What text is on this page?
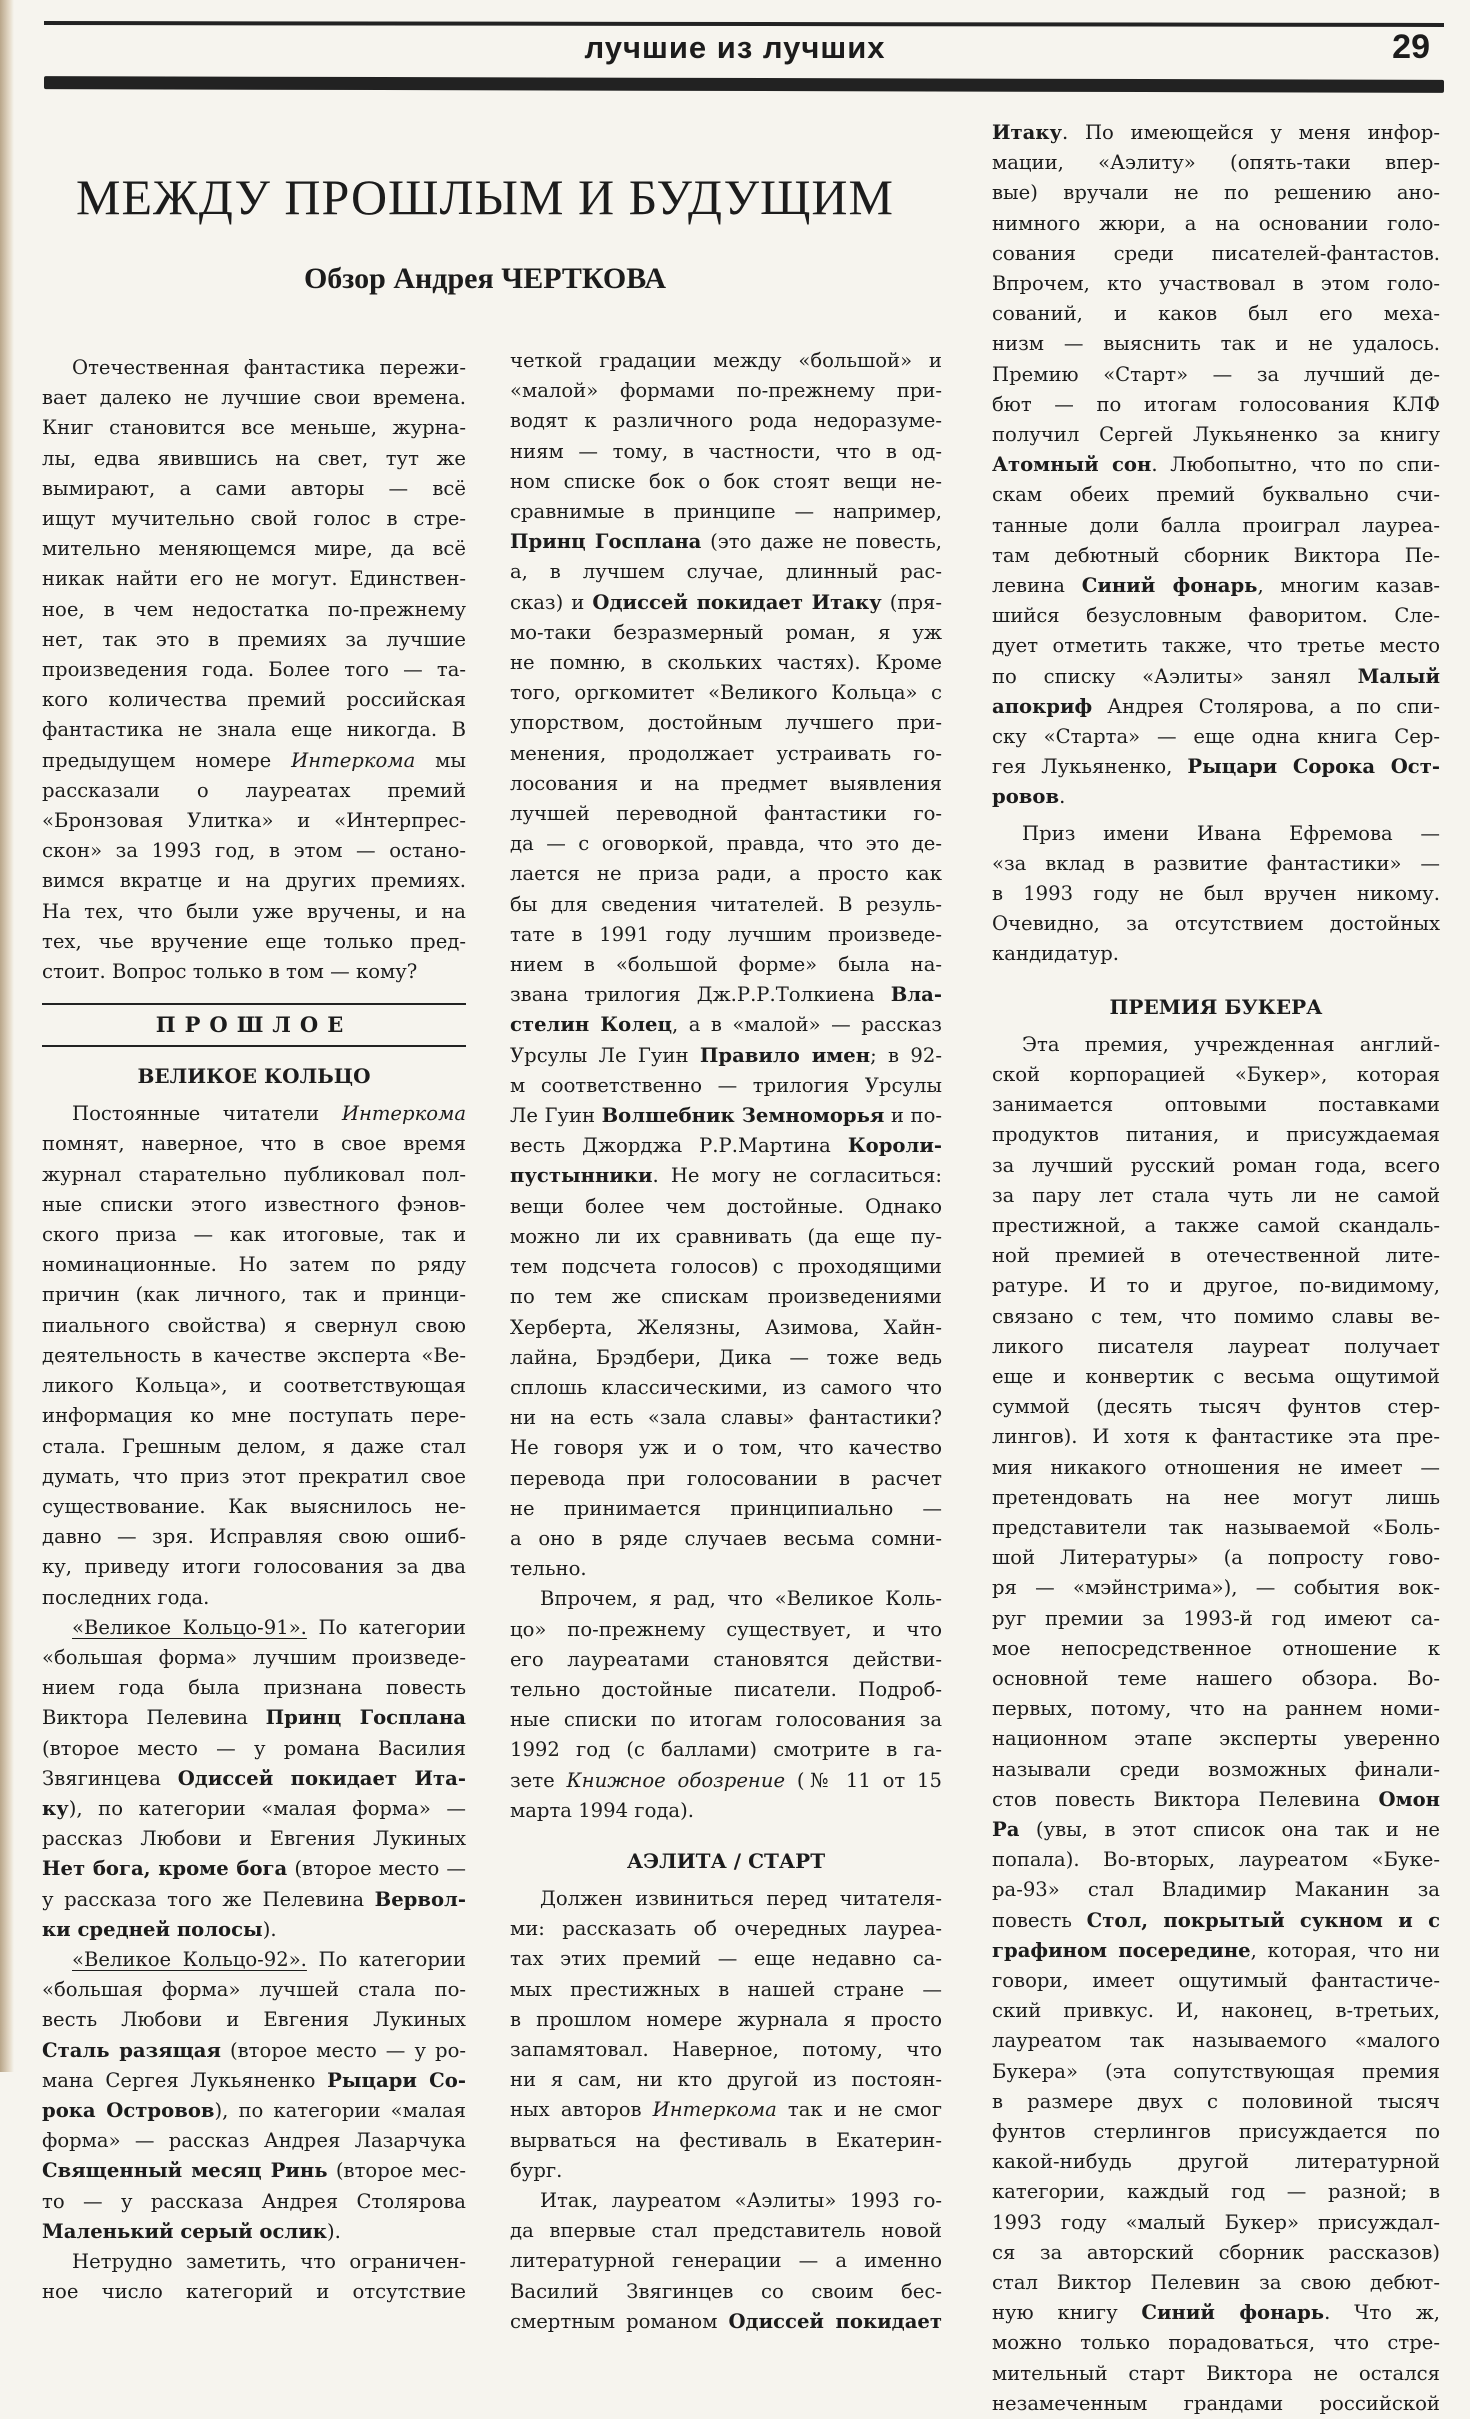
лучшие из лучших	29
МЕЖДУ ПРОШЛЫМ И БУДУЩИМ
Обзор Андрея ЧЕРТКОВА

Отечественная фантастика пережи-
вает далеко не лучшие свои времена.
Книг становится все меньше, журна-
лы, едва явившись на свет, тут же
вымирают, а сами авторы — всё
ищут мучительно свой голос в стре-
мительно меняющемся мире, да всё
никак найти его не могут. Единствен-
ное, в чем недостатка по-прежнему
нет, так это в премиях за лучшие
произведения года. Более того — та-
кого количества премий российская
фантастика не знала еще никогда. В
предыдущем номере Интеркома мы
рассказали о лауреатах премий
«Бронзовая Улитка» и «Интерпрес-
скон» за 1993 год, в этом — остано-
вимся вкратце и на других премиях.
На тех, что были уже вручены, и на
тех, чье вручение еще только пред-
стоит. Вопрос только в том — кому?

ПРОШЛОЕ
ВЕЛИКОЕ КОЛЬЦО

Постоянные читатели Интеркома
помнят, наверное, что в свое время
журнал старательно публиковал пол-
ные списки этого известного фэнов-
ского приза — как итоговые, так и
номинационные. Но затем по ряду
причин (как личного, так и принци-
пиального свойства) я свернул свою
деятельность в качестве эксперта «Ве-
ликого Кольца», и соответствующая
информация ко мне поступать пере-
стала. Грешным делом, я даже стал
думать, что приз этот прекратил свое
существование. Как выяснилось не-
давно — зря. Исправляя свою ошиб-
ку, приведу итоги голосования за два
последних года.

«Великое Кольцо-91». По категории
«большая форма» лучшим произведе-
нием года была признана повесть
Виктора Пелевина Принц Госплана
(второе место — у романа Василия
Звягинцева Одиссей покидает Ита-
ку), по категории «малая форма» —
рассказ Любови и Евгения Лукиных
Нет бога, кроме бога (второе место —
у рассказа того же Пелевина Вервол-
ки средней полосы).

«Великое Кольцо-92». По категории
«большая форма» лучшей стала по-
весть Любови и Евгения Лукиных
Сталь разящая (второе место — у ро-
мана Сергея Лукьяненко Рыцари Со-
рока Островов), по категории «малая
форма» — рассказ Андрея Лазарчука
Священный месяц Ринь (второе мес-
то — у рассказа Андрея Столярова
Маленький серый ослик).

Нетрудно заметить, что ограничен-
ное число категорий и отсутствие

четкой градации между «большой» и
«малой» формами по-прежнему при-
водят к различного рода недоразуме-
ниям — тому, в частности, что в од-
ном списке бок о бок стоят вещи не-
сравнимые в принципе — например,
Принц Госплана (это даже не повесть,
а, в лучшем случае, длинный рас-
сказ) и Одиссей покидает Итаку (пря-
мо-таки безразмерный роман, я уж
не помню, в скольких частях). Кроме
того, оргкомитет «Великого Кольца» с
упорством, достойным лучшего при-
менения, продолжает устраивать го-
лосования и на предмет выявления
лучшей переводной фантастики го-
да — с оговоркой, правда, что это де-
лается не приза ради, а просто как
бы для сведения читателей. В резуль-
тате в 1991 году лучшим произведе-
нием в «большой форме» была на-
звана трилогия Дж.Р.Р.Толкиена Вла-
стелин Колец, а в «малой» — рассказ
Урсулы Ле Гуин Правило имен; в 92-
м соответственно — трилогия Урсулы
Ле Гуин Волшебник Земноморья и по-
весть Джорджа Р.Р.Мартина Короли-
пустынники. Не могу не согласиться:
вещи более чем достойные. Однако
можно ли их сравнивать (да еще пу-
тем подсчета голосов) с проходящими
по тем же спискам произведениями
Херберта, Желязны, Азимова, Хайн-
лайна, Брэдбери, Дика — тоже ведь
сплошь классическими, из самого что
ни на есть «зала славы» фантастики?
Не говоря уж и о том, что качество
перевода при голосовании в расчет
не принимается принципиально —
а оно в ряде случаев весьма сомни-
тельно.

Впрочем, я рад, что «Великое Коль-
цо» по-прежнему существует, и что
его лауреатами становятся действи-
тельно достойные писатели. Подроб-
ные списки по итогам голосования за
1992 год (с баллами) смотрите в га-
зете Книжное обозрение (№ 11 от 15
марта 1994 года).

АЭЛИТА / СТАРТ

Должен извиниться перед читателя-
ми: рассказать об очередных лауреа-
тах этих премий — еще недавно са-
мых престижных в нашей стране —
в прошлом номере журнала я просто
запамятовал. Наверное, потому, что
ни я сам, ни кто другой из постоян-
ных авторов Интеркома так и не смог
вырваться на фестиваль в Екатерин-
бург.

Итак, лауреатом «Аэлиты» 1993 го-
да впервые стал представитель новой
литературной генерации — а именно
Василий Звягинцев со своим бес-
смертным романом Одиссей покидает

Итаку. По имеющейся у меня инфор-
мации, «Аэлиту» (опять-таки впер-
вые) вручали не по решению ано-
нимного жюри, а на основании голо-
сования среди писателей-фантастов.
Впрочем, кто участвовал в этом голо-
сований, и каков был его меха-
низм — выяснить так и не удалось.
Премию «Старт» — за лучший де-
бют — по итогам голосования КЛФ
получил Сергей Лукьяненко за книгу
Атомный сон. Любопытно, что по спи-
скам обеих премий буквально счи-
танные доли балла проиграл лауреа-
там дебютный сборник Виктора Пе-
левина Синий фонарь, многим казав-
шийся безусловным фаворитом. Сле-
дует отметить также, что третье место
по списку «Аэлиты» занял Малый
апокриф Андрея Столярова, а по спи-
ску «Старта» — еще одна книга Сер-
гея Лукьяненко, Рыцари Сорока Ост-
ровов.

Приз имени Ивана Ефремова —
«за вклад в развитие фантастики» —
в 1993 году не был вручен никому.
Очевидно, за отсутствием достойных
кандидатур.

ПРЕМИЯ БУКЕРА

Эта премия, учрежденная англий-
ской корпорацией «Букер», которая
занимается оптовыми поставками
продуктов питания, и присуждаемая
за лучший русский роман года, всего
за пару лет стала чуть ли не самой
престижной, а также самой скандаль-
ной премией в отечественной лите-
ратуре. И то и другое, по-видимому,
связано с тем, что помимо славы ве-
ликого писателя лауреат получает
еще и конвертик с весьма ощутимой
суммой (десять тысяч фунтов стер-
лингов). И хотя к фантастике эта пре-
мия никакого отношения не имеет —
претендовать на нее могут лишь
представители так называемой «Боль-
шой Литературы» (а попросту гово-
ря — «мэйнстрима»), — события вок-
руг премии за 1993-й год имеют са-
мое непосредственное отношение к
основной теме нашего обзора. Во-
первых, потому, что на раннем номи-
национном этапе эксперты уверенно
называли среди возможных финали-
стов повесть Виктора Пелевина Омон
Ра (увы, в этот список она так и не
попала). Во-вторых, лауреатом «Буке-
ра-93» стал Владимир Маканин за
повесть Стол, покрытый сукном и с
графином посередине, которая, что ни
говори, имеет ощутимый фантастиче-
ский привкус. И, наконец, в-третьих,
лауреатом так называемого «малого
Букера» (эта сопутствующая премия
в размере двух с половиной тысяч
фунтов стерлингов присуждается по
какой-нибудь другой литературной
категории, каждый год — разной; в
1993 году «малый Букер» присуждал-
ся за авторский сборник рассказов)
стал Виктор Пелевин за свою дебют-
ную книгу Синий фонарь. Что ж,
можно только порадоваться, что стре-
мительный старт Виктора не остался
незамеченным грандами российской
